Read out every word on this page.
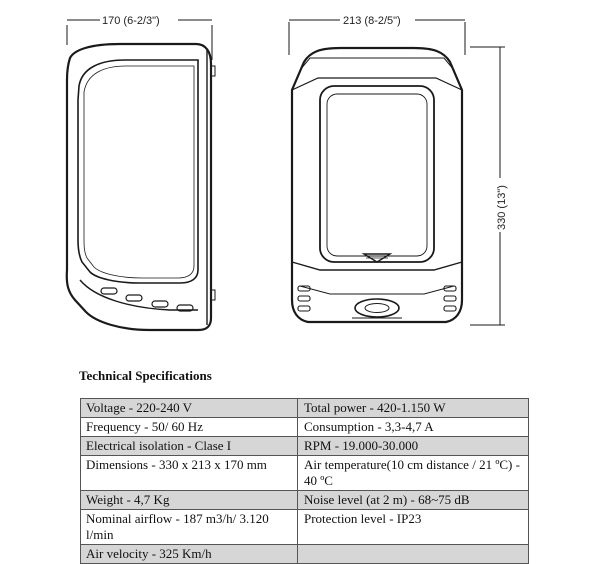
170 (6-2/3")	213 (8-2/5")
330 (13")
Technical Specifications
Voltage - 220-240 V	Total power - 420-1.150 W
Frequency - 50/ 60 Hz	Consumption - 3,3-4,7 A
Electrical isolation - Clase I	RPM - 19.000-30.000
Dimensions - 330 x 213 x 170 mm	Air temperature(10 cm distance / 21 ºC) - 40 ºC
Weight - 4,7 Kg	Noise level (at 2 m) - 68~75 dB
Nominal airflow - 187 m3/h/ 3.120 l/min	Protection level - IP23
Air velocity - 325 Km/h	
